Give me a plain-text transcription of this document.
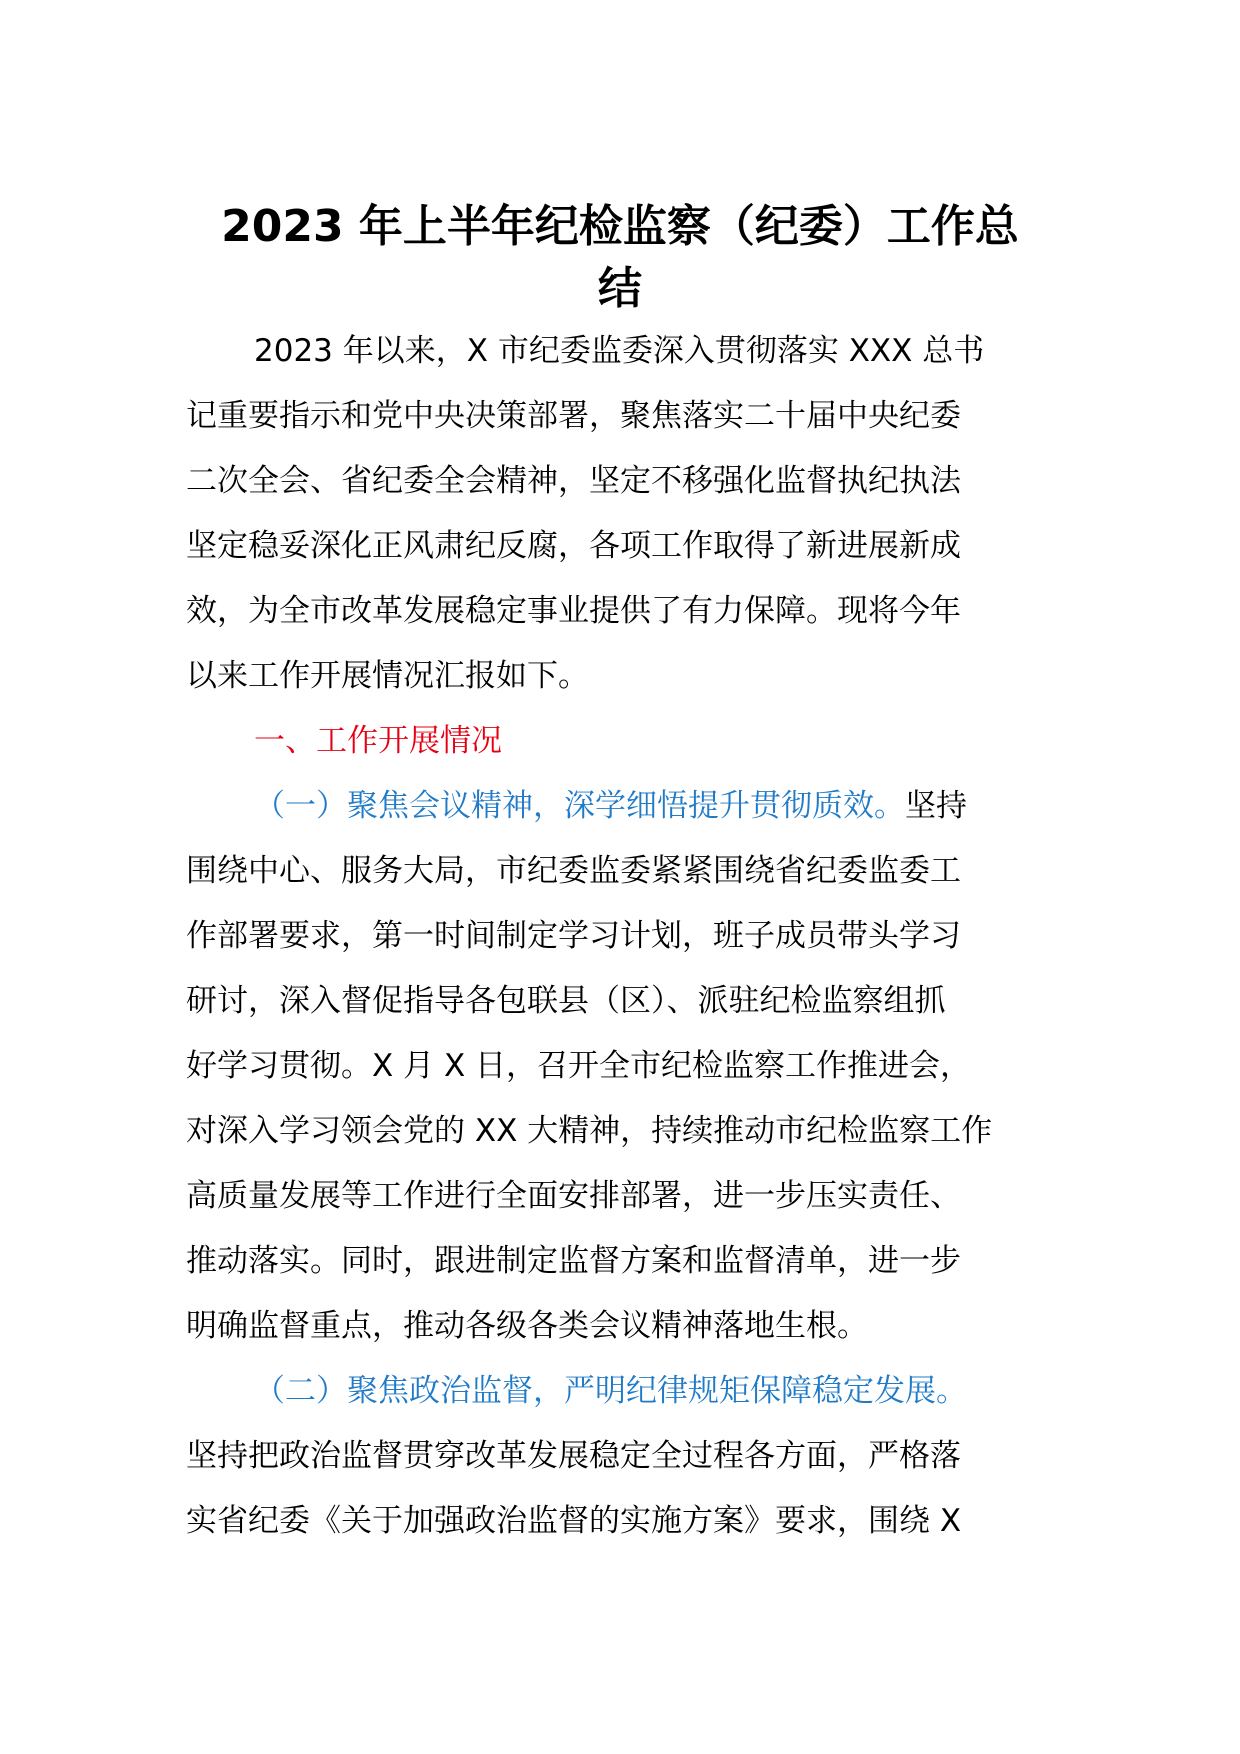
2023 年上半年纪检监察（纪委）工作总
结
2023 年以来，X 市纪委监委深入贯彻落实 XXX 总书
记重要指示和党中央决策部署，聚焦落实二十届中央纪委
二次全会、省纪委全会精神，坚定不移强化监督执纪执法
坚定稳妥深化正风肃纪反腐，各项工作取得了新进展新成
效，为全市改革发展稳定事业提供了有力保障。现将今年
以来工作开展情况汇报如下。
一、工作开展情况
（一）聚焦会议精神，深学细悟提升贯彻质效。坚持
围绕中心、服务大局，市纪委监委紧紧围绕省纪委监委工
作部署要求，第一时间制定学习计划，班子成员带头学习
研讨，深入督促指导各包联县（区）、派驻纪检监察组抓
好学习贯彻。X 月 X 日，召开全市纪检监察工作推进会，
对深入学习领会党的 XX 大精神，持续推动市纪检监察工作
高质量发展等工作进行全面安排部署，进一步压实责任、
推动落实。同时，跟进制定监督方案和监督清单，进一步
明确监督重点，推动各级各类会议精神落地生根。
（二）聚焦政治监督，严明纪律规矩保障稳定发展。
坚持把政治监督贯穿改革发展稳定全过程各方面，严格落
实省纪委《关于加强政治监督的实施方案》要求，围绕 X
